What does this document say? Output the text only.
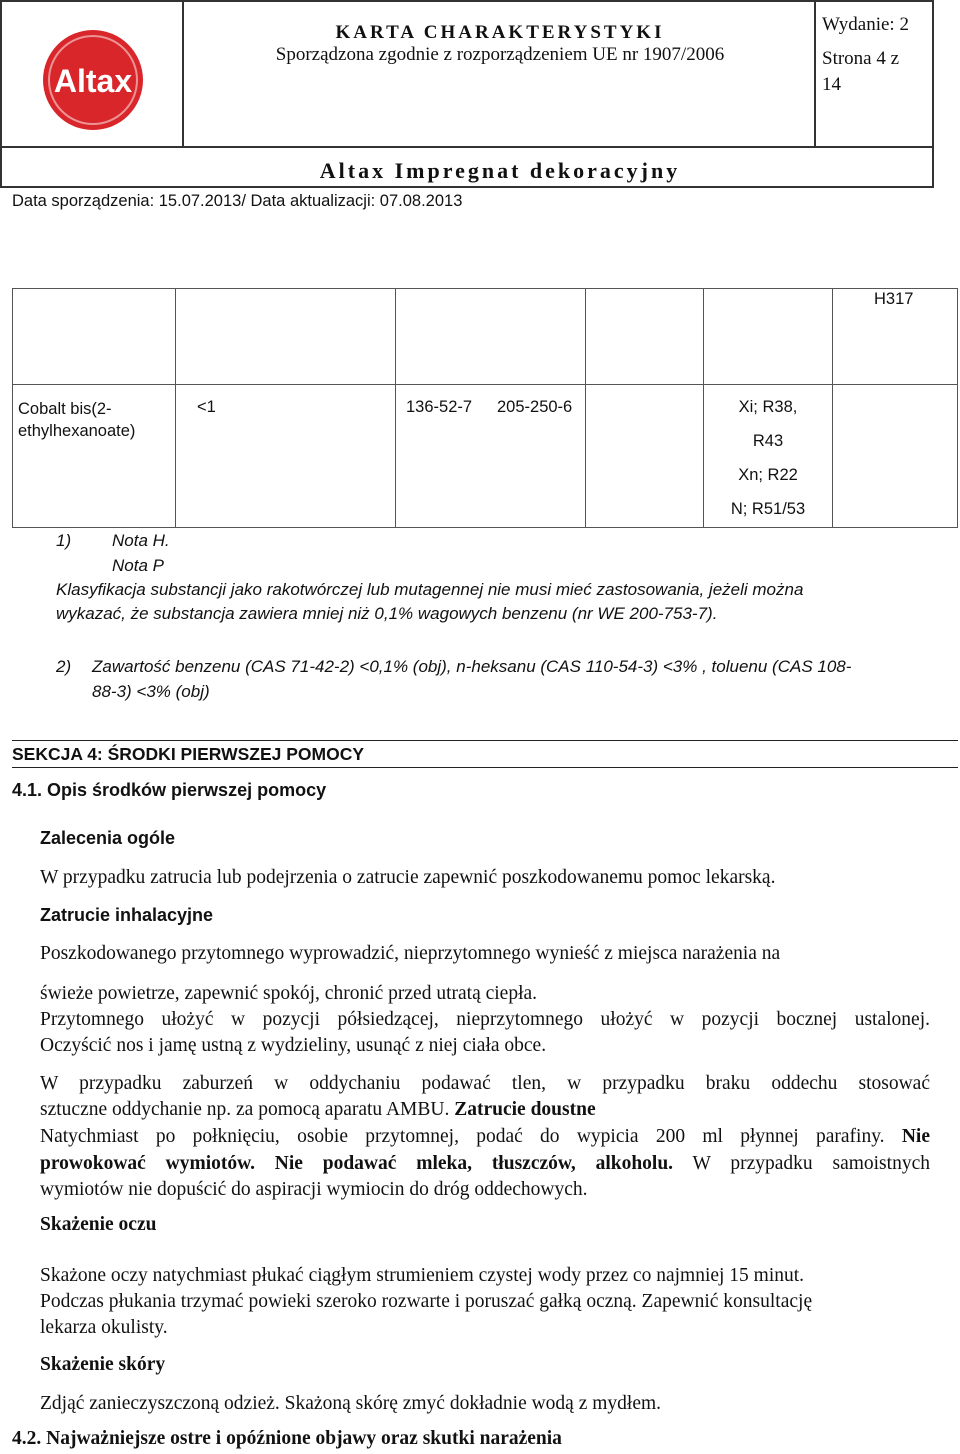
Altax
KARTA CHARAKTERYSTYKI
Sporządzona zgodnie z rozporządzeniem UE nr 1907/2006
Wydanie: 2
Strona 4 z 14
Altax Impregnat dekoracyjny
Data sporządzenia: 15.07.2013/ Data aktualizacji: 07.08.2013
H317
Cobalt bis(2-ethylhexanoate)
<1	136-52-7 205-250-6	Xi; R38,
R43
Xn; R22
N; R51/53
1) Nota H.
Nota P
Klasyfikacja substancji jako rakotwórczej lub mutagennej nie musi mieć zastosowania, jeżeli można
wykazać, że substancja zawiera mniej niż 0,1% wagowych benzenu (nr WE 200-753-7).
2) Zawartość benzenu (CAS 71-42-2) <0,1% (obj), n-heksanu (CAS 110-54-3) <3% , toluenu (CAS 108-
88-3) <3% (obj)
SEKCJA 4: ŚRODKI PIERWSZEJ POMOCY
4.1. Opis środków pierwszej pomocy
Zalecenia ogóle
W przypadku zatrucia lub podejrzenia o zatrucie zapewnić poszkodowanemu pomoc lekarską.
Zatrucie inhalacyjne
Poszkodowanego przytomnego wyprowadzić, nieprzytomnego wynieść z miejsca narażenia na
świeże powietrze, zapewnić spokój, chronić przed utratą ciepła.
Przytomnego ułożyć w pozycji półsiedzącej, nieprzytomnego ułożyć w pozycji bocznej ustalonej.
Oczyścić nos i jamę ustną z wydzieliny, usunąć z niej ciała obce.
W przypadku zaburzeń w oddychaniu podawać tlen, w przypadku braku oddechu stosować
sztuczne oddychanie np. za pomocą aparatu AMBU. Zatrucie doustne
Natychmiast po połknięciu, osobie przytomnej, podać do wypicia 200 ml płynnej parafiny. Nie
prowokować wymiotów. Nie podawać mleka, tłuszczów, alkoholu. W przypadku samoistnych
wymiotów nie dopuścić do aspiracji wymiocin do dróg oddechowych.
Skażenie oczu
Skażone oczy natychmiast płukać ciągłym strumieniem czystej wody przez co najmniej 15 minut.
Podczas płukania trzymać powieki szeroko rozwarte i poruszać gałką oczną. Zapewnić konsultację
lekarza okulisty.
Skażenie skóry
Zdjąć zanieczyszczoną odzież. Skażoną skórę zmyć dokładnie wodą z mydłem.
4.2. Najważniejsze ostre i opóźnione objawy oraz skutki narażenia
